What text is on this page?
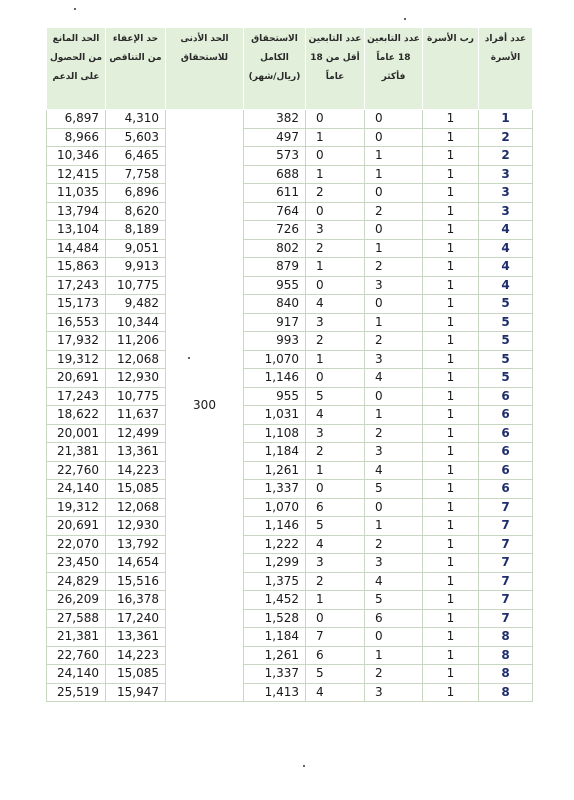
عدد أفراد الأسرة	رب الأسرة	عدد التابعين 18 عاماً فأكثر	عدد التابعين أقل من 18 عاماً	الاستحقاق الكامل (ريال/شهر)	الحد الأدنى للاستحقاق	حد الإعفاء من التناقص	الحد المانع من الحصول على الدعم
1	1	0	0	382	300	4,310	6,897
2	1	0	1	497		5,603	8,966
2	1	1	0	573		6,465	10,346
3	1	1	1	688		7,758	12,415
3	1	0	2	611		6,896	11,035
3	1	2	0	764		8,620	13,794
4	1	0	3	726		8,189	13,104
4	1	1	2	802		9,051	14,484
4	1	2	1	879		9,913	15,863
4	1	3	0	955		10,775	17,243
5	1	0	4	840		9,482	15,173
5	1	1	3	917		10,344	16,553
5	1	2	2	993		11,206	17,932
5	1	3	1	1,070		12,068	19,312
5	1	4	0	1,146		12,930	20,691
6	1	0	5	955		10,775	17,243
6	1	1	4	1,031		11,637	18,622
6	1	2	3	1,108		12,499	20,001
6	1	3	2	1,184		13,361	21,381
6	1	4	1	1,261		14,223	22,760
6	1	5	0	1,337		15,085	24,140
7	1	0	6	1,070		12,068	19,312
7	1	1	5	1,146		12,930	20,691
7	1	2	4	1,222		13,792	22,070
7	1	3	3	1,299		14,654	23,450
7	1	4	2	1,375		15,516	24,829
7	1	5	1	1,452		16,378	26,209
7	1	6	0	1,528		17,240	27,588
8	1	0	7	1,184		13,361	21,381
8	1	1	6	1,261		14,223	22,760
8	1	2	5	1,337		15,085	24,140
8	1	3	4	1,413		15,947	25,519
